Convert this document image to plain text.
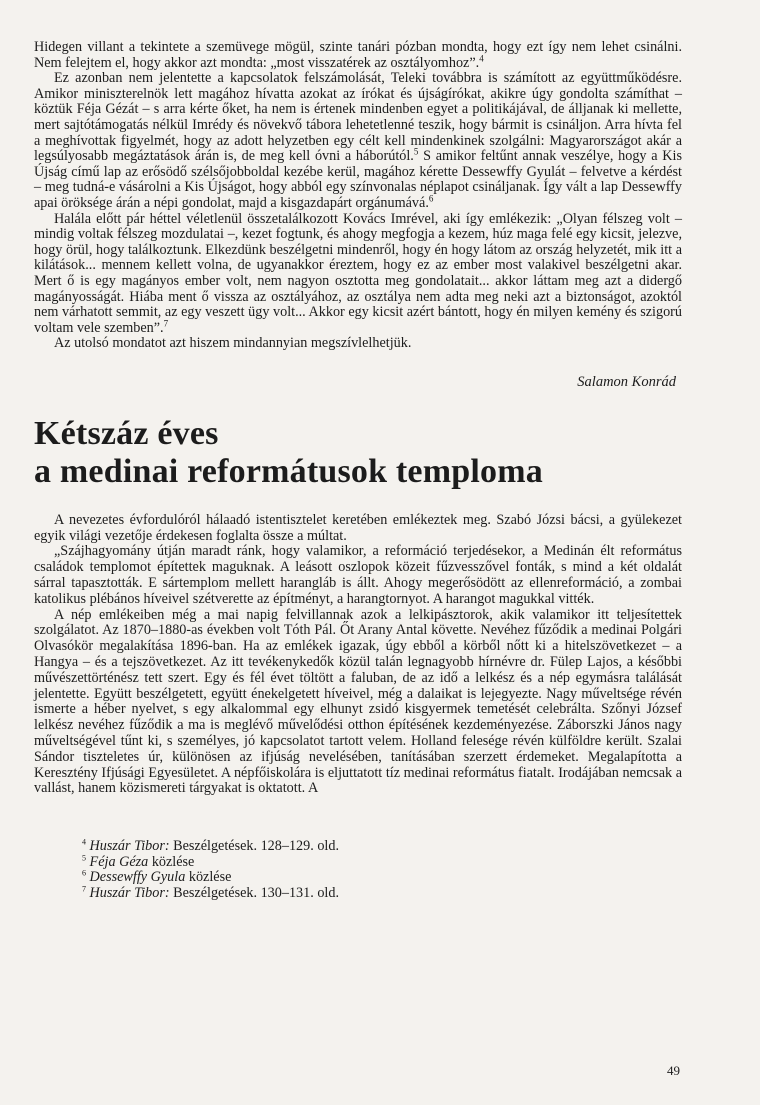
Hidegen villant a tekintete a szemüvege mögül, szinte tanári pózban mondta, hogy ezt így nem lehet csinálni. Nem felejtem el, hogy akkor azt mondta: „most visszatérek az osztályomhoz”.$^4$

Ez azonban nem jelentette a kapcsolatok felszámolását, Teleki továbbra is számított az együttműködésre. Amikor miniszterelnök lett magához hívatta azokat az írókat és újságírókat, akikre úgy gondolta számíthat – köztük Féja Gézát – s arra kérte őket, ha nem is értenek mindenben egyet a politikájával, de álljanak ki mellette, mert sajtótámogatás nélkül Imrédy és növekvő tábora lehetetlenné teszik, hogy bármit is csináljon. Arra hívta fel a meghívottak figyelmét, hogy az adott helyzetben egy célt kell mindenkinek szolgálni: Magyarországot akár a legsúlyosabb megáztatások árán is, de meg kell óvni a háborútól.$^5$ S amikor feltűnt annak veszélye, hogy a Kis Újság című lap az erősödő szélsőjobboldal kezébe kerül, magához kérette Dessewffy Gyulát – felvetve a kérdést – meg tudná-e vásárolni a Kis Újságot, hogy abból egy színvonalas néplapot csináljanak. Így vált a lap Dessewffy apai öröksége árán a népi gondolat, majd a kisgazdapárt orgánumává.$^6$

Halála előtt pár héttel véletlenül összetalálkozott Kovács Imrével, aki így emlékezik: „Olyan félszeg volt – mindig voltak félszeg mozdulatai –, kezet fogtunk, és ahogy megfogja a kezem, húz maga felé egy kicsit, jelezve, hogy örül, hogy találkoztunk. Elkezdünk beszélgetni mindenről, hogy én hogy látom az ország helyzetét, mik itt a kilátások... mennem kellett volna, de ugyanakkor éreztem, hogy ez az ember most valakivel beszélgetni akar. Mert ő is egy magányos ember volt, nem nagyon osztotta meg gondolatait... akkor láttam meg azt a didergő magányosságát. Hiába ment ő vissza az osztályához, az osztálya nem adta meg neki azt a biztonságot, azoktól nem várhatott semmit, az egy veszett ügy volt... Akkor egy kicsit azért bántott, hogy én milyen kemény és szigorú voltam vele szemben”.$^7$

Az utolsó mondatot azt hiszem mindannyian megszívlelhetjük.

Salamon Konrád
Kétszáz éves
a medinai reformátusok temploma

A nevezetes évfordulóról hálaadó istentisztelet keretében emlékeztek meg. Szabó Józsi bácsi, a gyülekezet egyik világi vezetője érdekesen foglalta össze a múltat.

„Szájhagyomány útján maradt ránk, hogy valamikor, a reformáció terjedésekor, a Medinán élt református családok templomot építettek maguknak. A leásott oszlopok közeit fűzvesszővel fonták, s mind a két oldalát sárral tapasztották. E sártemplom mellett harangláb is állt. Ahogy megerősödött az ellenreformáció, a zombai katolikus plébános híveivel szétverette az építményt, a harangtornyot. A harangot magukkal vitték.

A nép emlékeiben még a mai napig felvillannak azok a lelkipásztorok, akik valamikor itt teljesítettek szolgálatot. Az 1870–1880-as években volt Tóth Pál. Őt Arany Antal követte. Nevéhez fűződik a medinai Polgári Olvasókör megalakítása 1896-ban. Ha az emlékek igazak, úgy ebből a körből nőtt ki a hitelszövetkezet – a Hangya – és a tejszövetkezet. Az itt tevékenykedők közül talán legnagyobb hírnévre dr. Fülep Lajos, a későbbi művészettörténész tett szert. Egy és fél évet töltött a faluban, de az idő a lelkész és a nép egymásra találását jelentette. Együtt beszélgetett, együtt énekelgetett híveivel, még a dalaikat is lejegyezte. Nagy műveltsége révén ismerte a héber nyelvet, s egy alkalommal egy elhunyt zsidó kisgyermek temetését celebrálta. Szőnyi József lelkész nevéhez fűződik a ma is meglévő művelődési otthon építésének kezdeményezése. Záborszki János nagy műveltségével tűnt ki, s személyes, jó kapcsolatot tartott velem. Holland felesége révén külföldre került. Szalai Sándor tiszteletes úr, különösen az ifjúság nevelésében, tanításában szerzett érdemeket. Megalapította a Keresztény Ifjúsági Egyesületet. A népfőiskolára is eljuttatott tíz medinai református fiatalt. Irodájában nemcsak a vallást, hanem közismereti tárgyakat is oktatott. A

$^4$ Huszár Tibor: Beszélgetések. 128–129. old.

$^5$ Féja Géza közlése

$^6$ Dessewffy Gyula közlése

$^7$ Huszár Tibor: Beszélgetések. 130–131. old.

49
